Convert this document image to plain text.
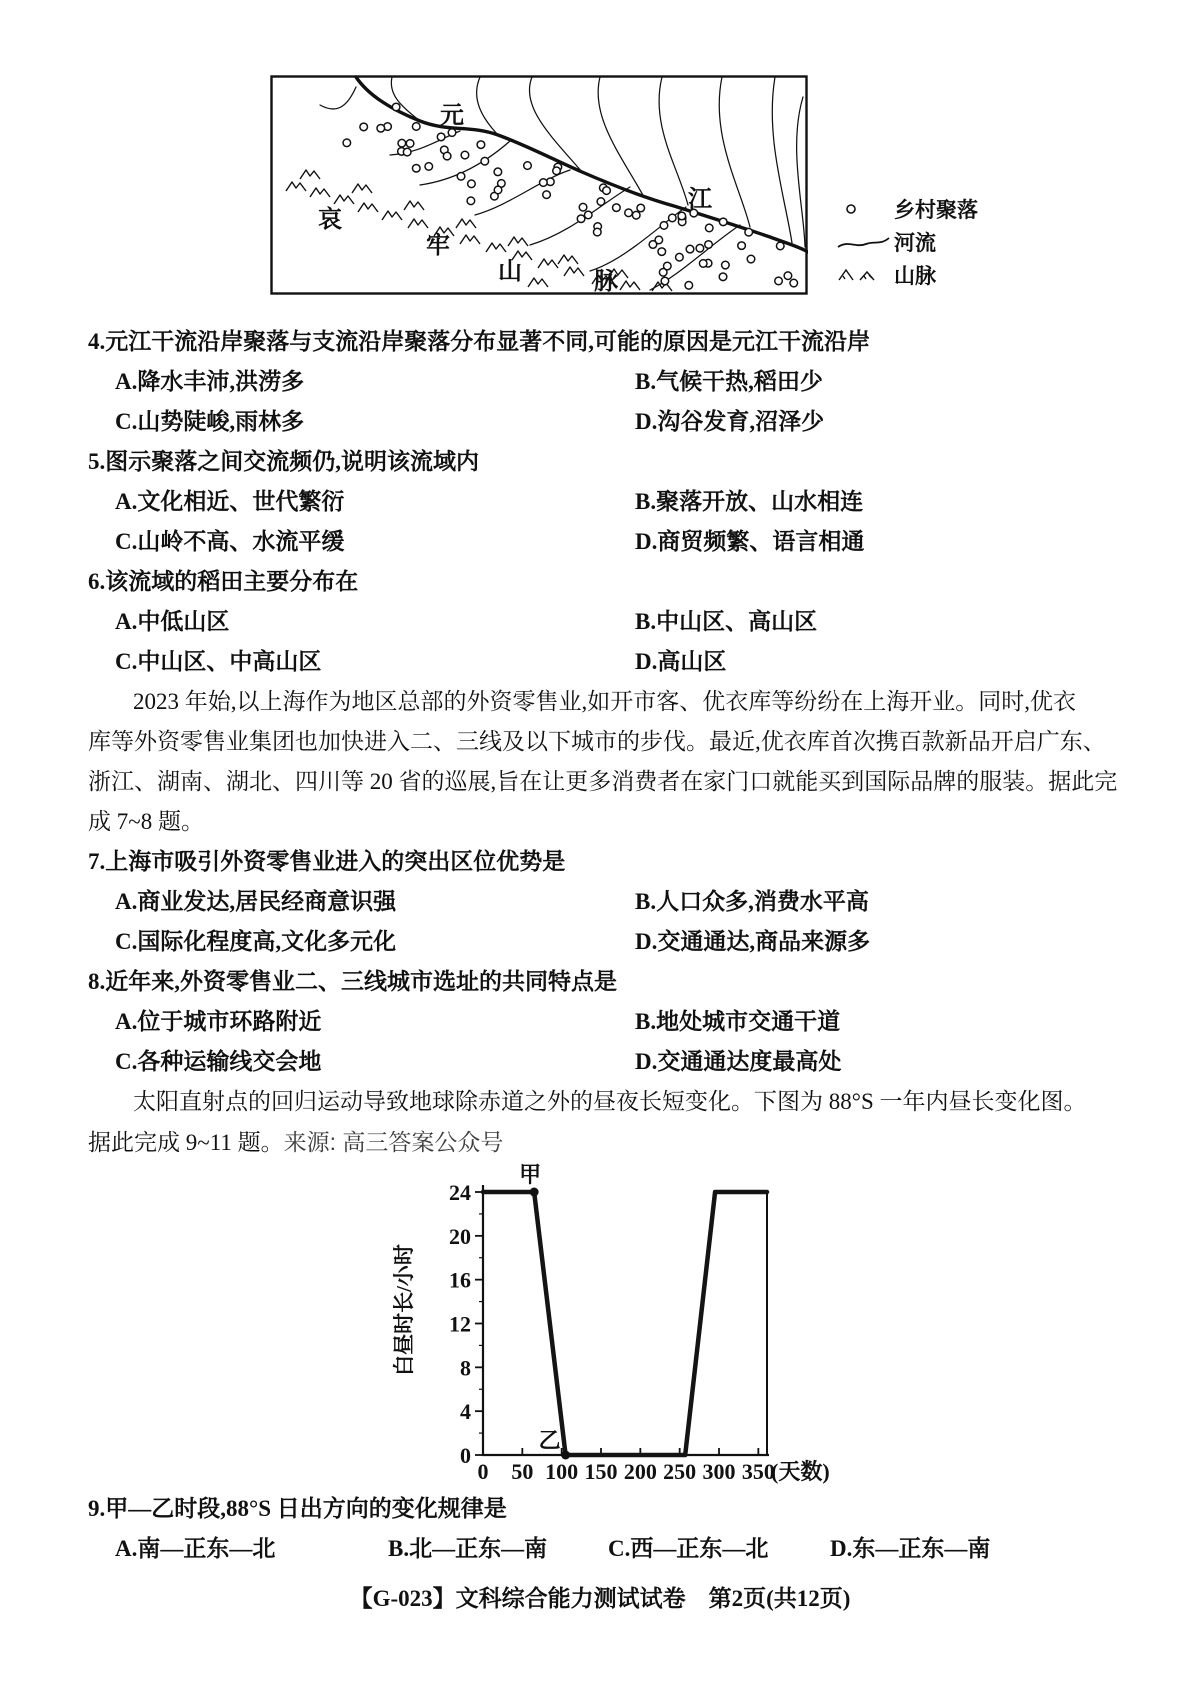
元
江
哀
牢
山	脉
乡村聚落
河流
山脉
4.元江干流沿岸聚落与支流沿岸聚落分布显著不同,可能的原因是元江干流沿岸
A.降水丰沛,洪涝多	B.气候干热,稻田少
C.山势陡峻,雨林多	D.沟谷发育,沼泽少
5.图示聚落之间交流频仍,说明该流域内
A.文化相近、世代繁衍	B.聚落开放、山水相连
C.山岭不高、水流平缓	D.商贸频繁、语言相通
6.该流域的稻田主要分布在
A.中低山区	B.中山区、高山区
C.中山区、中高山区	D.高山区
2023 年始,以上海作为地区总部的外资零售业,如开市客、优衣库等纷纷在上海开业。同时,优衣
库等外资零售业集团也加快进入二、三线及以下城市的步伐。最近,优衣库首次携百款新品开启广东、
浙江、湖南、湖北、四川等 20 省的巡展,旨在让更多消费者在家门口就能买到国际品牌的服装。据此完
成 7~8 题。
7.上海市吸引外资零售业进入的突出区位优势是
A.商业发达,居民经商意识强	B.人口众多,消费水平高
C.国际化程度高,文化多元化	D.交通通达,商品来源多
8.近年来,外资零售业二、三线城市选址的共同特点是
A.位于城市环路附近	B.地处城市交通干道
C.各种运输线交会地	D.交通通达度最高处
太阳直射点的回归运动导致地球除赤道之外的昼夜长短变化。下图为 88°S 一年内昼长变化图。
据此完成 9~11 题。来源: 高三答案公众号
0
4
8
12
16
20
24
0 50 100 150 200 250 300 350
(天数)
白昼时长/小时
甲
乙
9.甲—乙时段,88°S 日出方向的变化规律是
A.南—正东—北	B.北—正东—南	C.西—正东—北	D.东—正东—南
【G-023】文科综合能力测试试卷　第2页(共12页)
